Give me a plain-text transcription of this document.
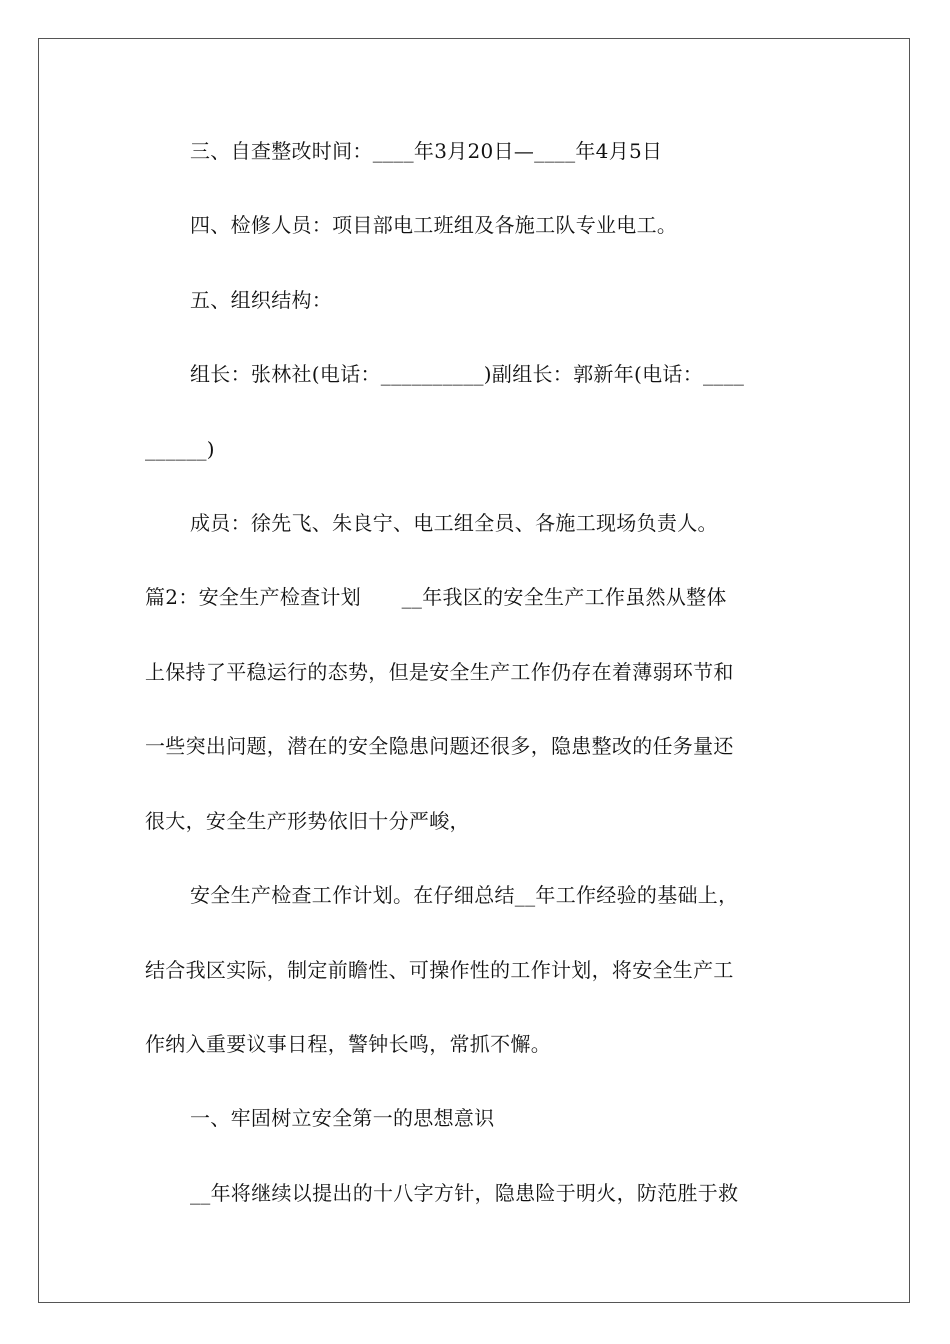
三、自查整改时间：____年3月20日—____年4月5日
四、检修人员：项目部电工班组及各施工队专业电工。
五、组织结构：
组长：张林社(电话：__________)副组长：郭新年(电话：____
______)
成员：徐先飞、朱良宁、电工组全员、各施工现场负责人。
篇2：安全生产检查计划　　__年我区的安全生产工作虽然从整体
上保持了平稳运行的态势，但是安全生产工作仍存在着薄弱环节和
一些突出问题，潜在的安全隐患问题还很多，隐患整改的任务量还
很大，安全生产形势依旧十分严峻，
安全生产检查工作计划。在仔细总结__年工作经验的基础上，
结合我区实际，制定前瞻性、可操作性的工作计划，将安全生产工
作纳入重要议事日程，警钟长鸣，常抓不懈。
一、牢固树立安全第一的思想意识
__年将继续以提出的十八字方针，隐患险于明火，防范胜于救
